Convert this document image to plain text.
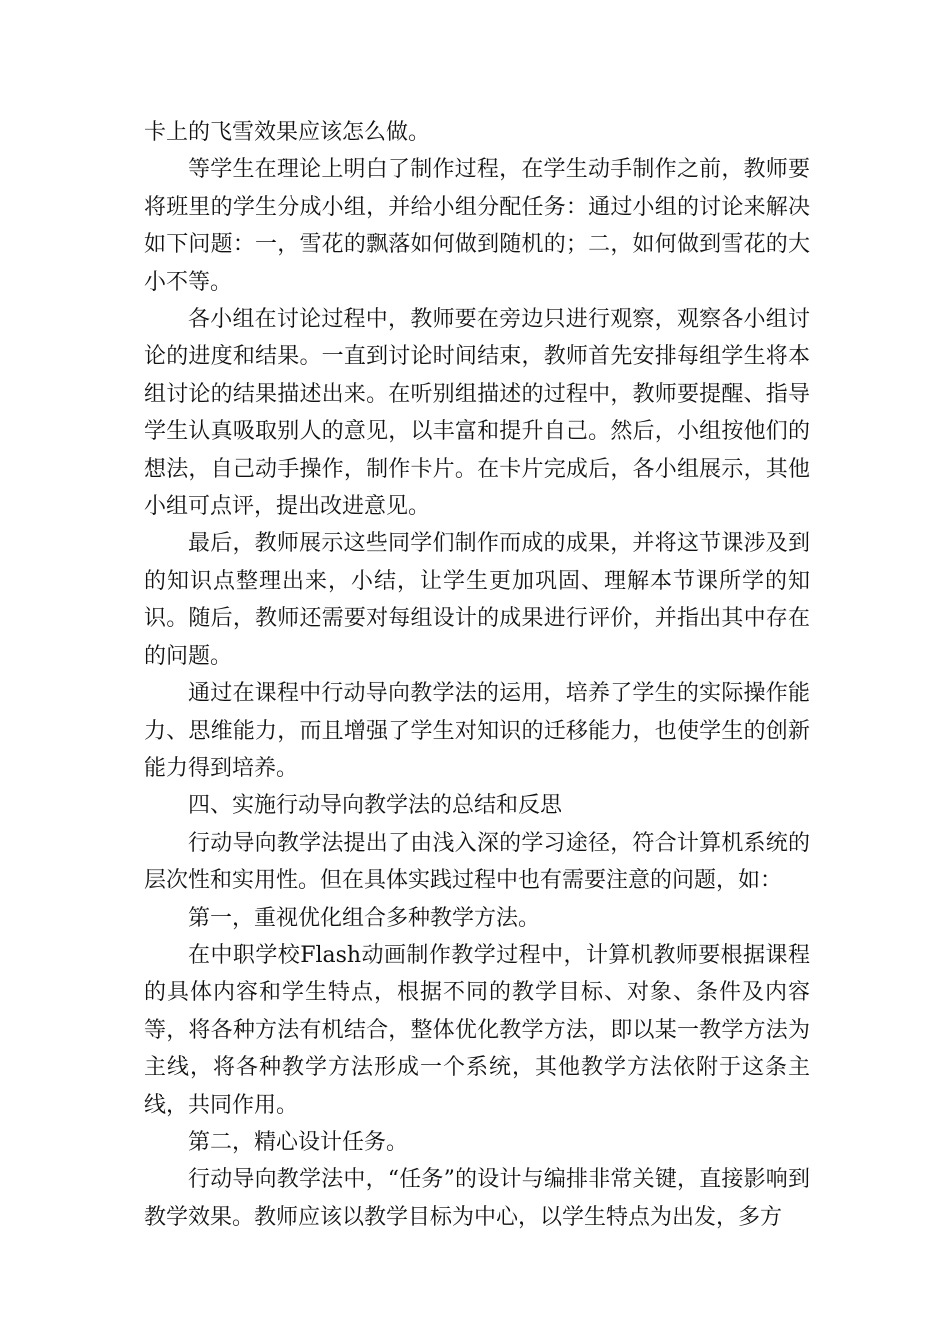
卡上的飞雪效果应该怎么做。

等学生在理论上明白了制作过程，在学生动手制作之前，教师要将班里的学生分成小组，并给小组分配任务：通过小组的讨论来解决如下问题：一，雪花的飘落如何做到随机的；二，如何做到雪花的大小不等。

各小组在讨论过程中，教师要在旁边只进行观察，观察各小组讨论的进度和结果。一直到讨论时间结束，教师首先安排每组学生将本组讨论的结果描述出来。在听别组描述的过程中，教师要提醒、指导学生认真吸取别人的意见，以丰富和提升自己。然后，小组按他们的想法，自己动手操作，制作卡片。在卡片完成后，各小组展示，其他小组可点评，提出改进意见。

最后，教师展示这些同学们制作而成的成果，并将这节课涉及到的知识点整理出来，小结，让学生更加巩固、理解本节课所学的知识。随后，教师还需要对每组设计的成果进行评价，并指出其中存在的问题。

通过在课程中行动导向教学法的运用，培养了学生的实际操作能力、思维能力，而且增强了学生对知识的迁移能力，也使学生的创新能力得到培养。

四、实施行动导向教学法的总结和反思

行动导向教学法提出了由浅入深的学习途径，符合计算机系统的层次性和实用性。但在具体实践过程中也有需要注意的问题，如：

第一，重视优化组合多种教学方法。

在中职学校Flash动画制作教学过程中，计算机教师要根据课程的具体内容和学生特点，根据不同的教学目标、对象、条件及内容等，将各种方法有机结合，整体优化教学方法，即以某一教学方法为主线，将各种教学方法形成一个系统，其他教学方法依附于这条主线，共同作用。

第二，精心设计任务。

行动导向教学法中，“任务”的设计与编排非常关键，直接影响到教学效果。教师应该以教学目标为中心，以学生特点为出发，多方
